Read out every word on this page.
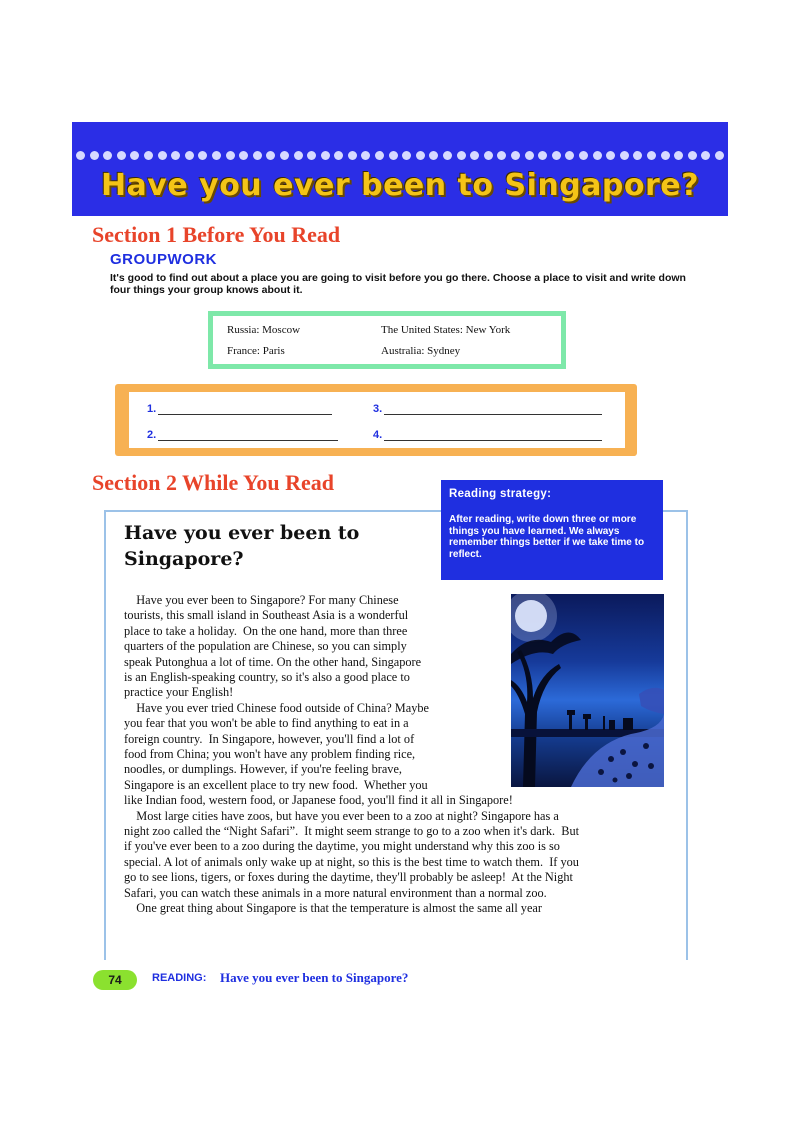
Have you ever been to Singapore?
Section 1 Before You Read
GROUPWORK
It's good to find out about a place you are going to visit before you go there. Choose a place to visit and write down four things your group knows about it.
Russia: Moscow	The United States: New York
France: Paris	Australia: Sydney
1.	3.
2.	4.
Section 2 While You Read	Reading strategy:
After reading, write down three or more things you have learned. We always remember things better if we take time to reflect.
Have you ever been to Singapore?
Have you ever been to Singapore? For many Chinese
tourists, this small island in Southeast Asia is a wonderful
place to take a holiday.  On the one hand, more than three
quarters of the population are Chinese, so you can simply
speak Putonghua a lot of time. On the other hand, Singapore
is an English-speaking country, so it's also a good place to
practice your English!
Have you ever tried Chinese food outside of China? Maybe
you fear that you won't be able to find anything to eat in a
foreign country.  In Singapore, however, you'll find a lot of
food from China; you won't have any problem finding rice,
noodles, or dumplings. However, if you're feeling brave,
Singapore is an excellent place to try new food.  Whether you
like Indian food, western food, or Japanese food, you'll find it all in Singapore!
Most large cities have zoos, but have you ever been to a zoo at night? Singapore has a
night zoo called the “Night Safari”.  It might seem strange to go to a zoo when it's dark.  But
if you've ever been to a zoo during the daytime, you might understand why this zoo is so
special. A lot of animals only wake up at night, so this is the best time to watch them.  If you
go to see lions, tigers, or foxes during the daytime, they'll probably be asleep!  At the Night
Safari, you can watch these animals in a more natural environment than a normal zoo.
One great thing about Singapore is that the temperature is almost the same all year
74	READING: Have you ever been to Singapore?
